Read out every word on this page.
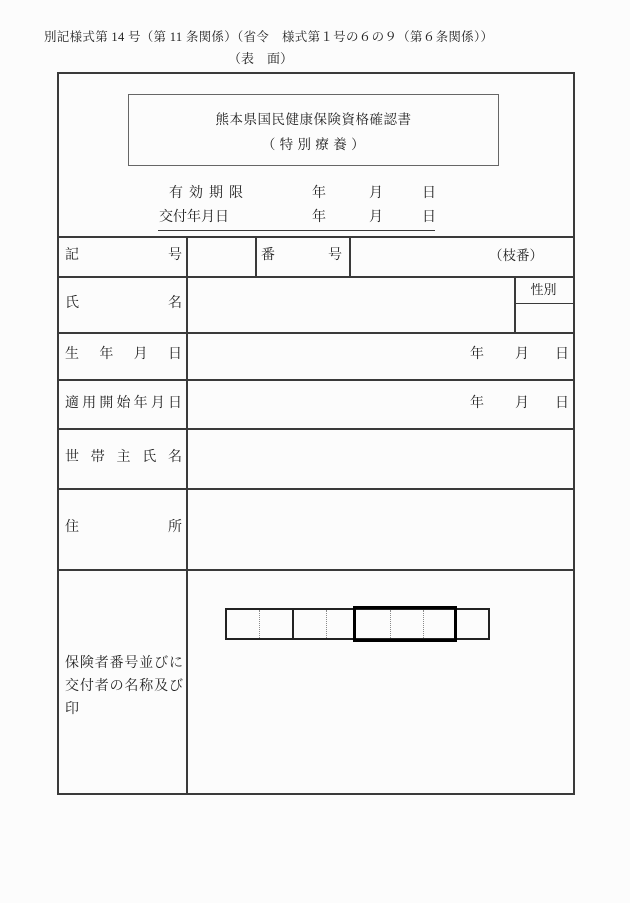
別記様式第 14 号（第 11 条関係）（省令　様式第１号の６の９（第６条関係））
（表　面）
熊本県国民健康保険資格確認書
（ 特 別 療 養 ）
有効期限	年	月	日
交付年月日	年	月	日
記号	番号	（枝番）
氏名
性別
生年月日	年 月 日
適用開始年月日	年 月 日
世帯主氏名
住所
保険者番号並びに交付者の名称及び印
